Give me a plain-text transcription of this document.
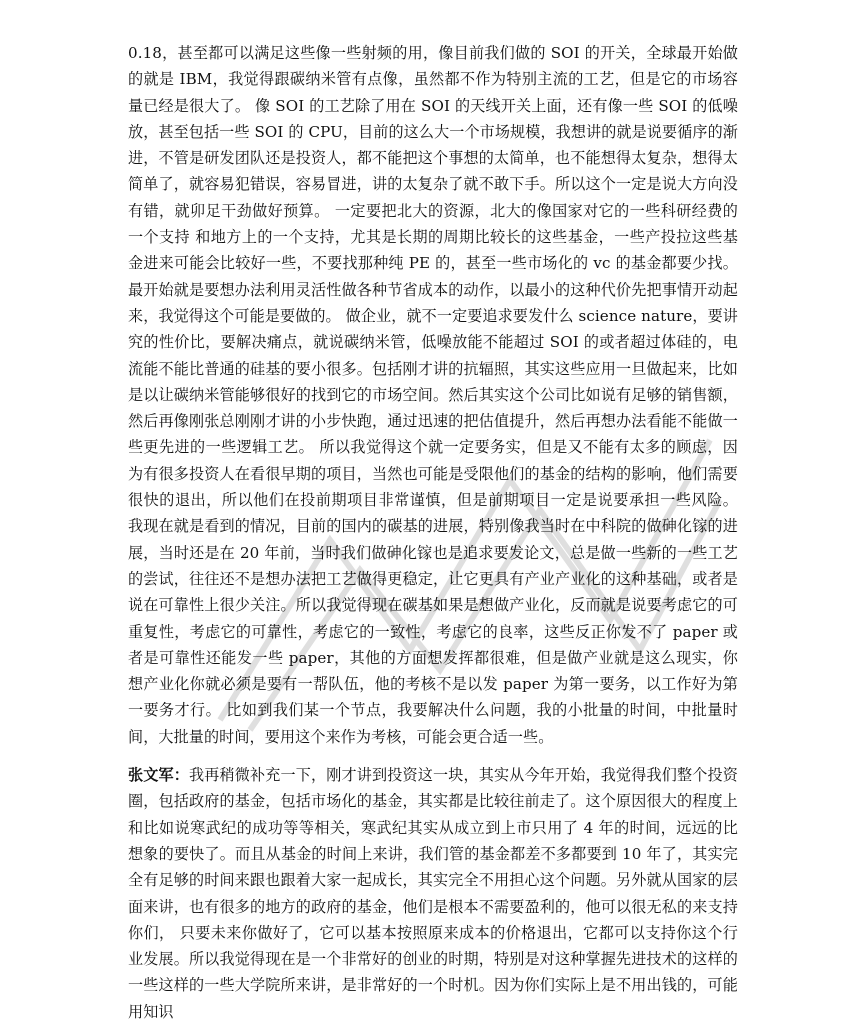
0.18，甚至都可以满足这些像一些射频的用，像目前我们做的 SOI 的开关，全球最开始做的就是 IBM，我觉得跟碳纳米管有点像，虽然都不作为特别主流的工艺，但是它的市场容量已经是很大了。 像 SOI 的工艺除了用在 SOI 的天线开关上面，还有像一些 SOI 的低噪放，甚至包括一些 SOI 的 CPU，目前的这么大一个市场规模，我想讲的就是说要循序的渐进，不管是研发团队还是投资人，都不能把这个事想的太简单，也不能想得太复杂，想得太简单了，就容易犯错误，容易冒进，讲的太复杂了就不敢下手。所以这个一定是说大方向没有错，就卯足干劲做好预算。 一定要把北大的资源，北大的像国家对它的一些科研经费的一个支持 和地方上的一个支持，尤其是长期的周期比较长的这些基金，一些产投拉这些基金进来可能会比较好一些，不要找那种纯 PE 的，甚至一些市场化的 vc 的基金都要少找。最开始就是要想办法利用灵活性做各种节省成本的动作，以最小的这种代价先把事情开动起来，我觉得这个可能是要做的。 做企业，就不一定要追求要发什么 science nature，要讲究的性价比，要解决痛点，就说碳纳米管，低噪放能不能超过 SOI 的或者超过体硅的，电流能不能比普通的硅基的要小很多。包括刚才讲的抗辐照，其实这些应用一旦做起来，比如是以让碳纳米管能够很好的找到它的市场空间。然后其实这个公司比如说有足够的销售额，然后再像刚张总刚刚才讲的小步快跑，通过迅速的把估值提升，然后再想办法看能不能做一些更先进的一些逻辑工艺。 所以我觉得这个就一定要务实，但是又不能有太多的顾虑，因为有很多投资人在看很早期的项目，当然也可能是受限他们的基金的结构的影响，他们需要很快的退出，所以他们在投前期项目非常谨慎，但是前期项目一定是说要承担一些风险。 我现在就是看到的情况，目前的国内的碳基的进展，特别像我当时在中科院的做砷化镓的进展，当时还是在 20 年前，当时我们做砷化镓也是追求要发论文，总是做一些新的一些工艺的尝试，往往还不是想办法把工艺做得更稳定，让它更具有产业产业化的这种基础，或者是说在可靠性上很少关注。所以我觉得现在碳基如果是想做产业化，反而就是说要考虑它的可重复性，考虑它的可靠性，考虑它的一致性，考虑它的良率，这些反正你发不了 paper 或者是可靠性还能发一些 paper，其他的方面想发挥都很难，但是做产业就是这么现实，你想产业化你就必须是要有一帮队伍，他的考核不是以发 paper 为第一要务，以工作好为第一要务才行。 比如到我们某一个节点，我要解决什么问题，我的小批量的时间，中批量时间，大批量的时间，要用这个来作为考核，可能会更合适一些。

张文军：我再稍微补充一下，刚才讲到投资这一块，其实从今年开始，我觉得我们整个投资圈，包括政府的基金，包括市场化的基金，其实都是比较往前走了。这个原因很大的程度上和比如说寒武纪的成功等等相关，寒武纪其实从成立到上市只用了 4 年的时间，远远的比想象的要快了。而且从基金的时间上来讲，我们管的基金都差不多都要到 10 年了，其实完全有足够的时间来跟也跟着大家一起成长，其实完全不用担心这个问题。另外就从国家的层面来讲，也有很多的地方的政府的基金，他们是根本不需要盈利的，他可以很无私的来支持你们， 只要未来你做好了，它可以基本按照原来成本的价格退出，它都可以支持你这个行业发展。所以我觉得现在是一个非常好的创业的时期，特别是对这种掌握先进技术的这样的一些这样的一些大学院所来讲，是非常好的一个时机。因为你们实际上是不用出钱的，可能用知识
